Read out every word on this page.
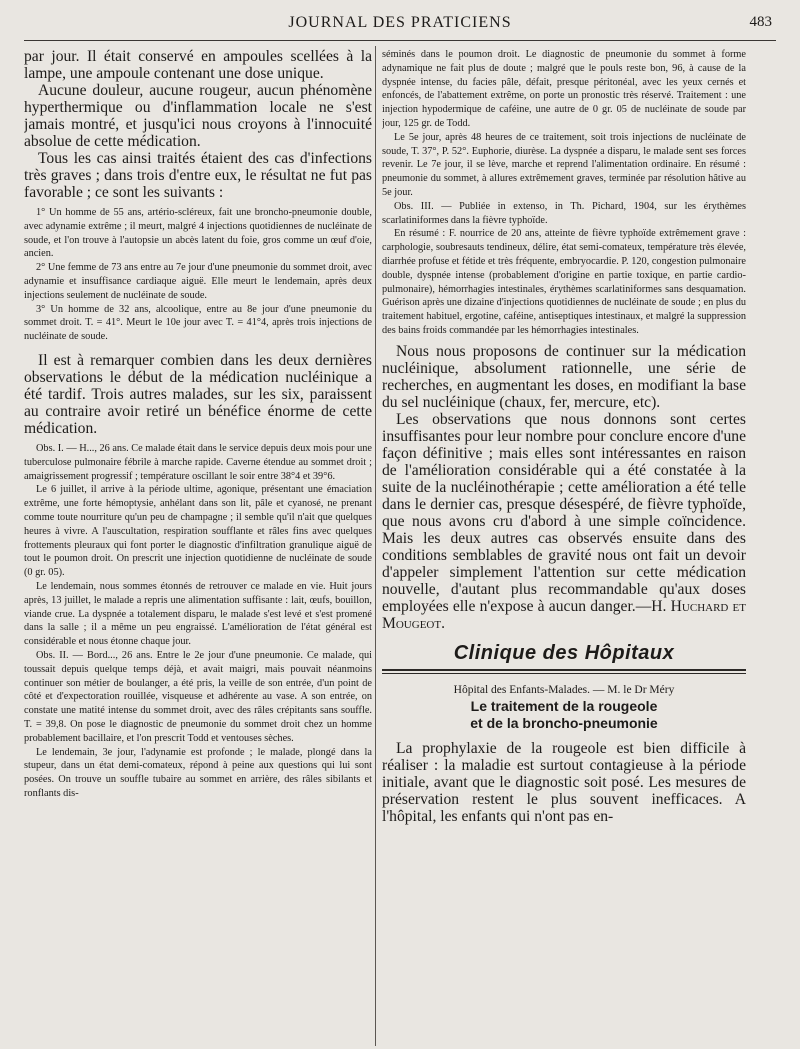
JOURNAL DES PRATICIENS	483

par jour. Il était conservé en ampoules scellées à la lampe, une ampoule contenant une dose unique.

Aucune douleur, aucune rougeur, aucun phénomène hyperthermique ou d'inflammation locale ne s'est jamais montré, et jusqu'ici nous croyons à l'innocuité absolue de cette médication.

Tous les cas ainsi traités étaient des cas d'infections très graves ; dans trois d'entre eux, le résultat ne fut pas favorable ; ce sont les suivants :

1° Un homme de 55 ans, artério-scléreux, fait une broncho-pneumonie double, avec adynamie extrême ; il meurt, malgré 4 injections quotidiennes de nucléinate de soude, et l'on trouve à l'autopsie un abcès latent du foie, gros comme un œuf d'oie, ancien.

2° Une femme de 73 ans entre au 7e jour d'une pneumonie du sommet droit, avec adynamie et insuffisance cardiaque aiguë. Elle meurt le lendemain, après deux injections seulement de nucléinate de soude.

3° Un homme de 32 ans, alcoolique, entre au 8e jour d'une pneumonie du sommet droit. T. = 41°. Meurt le 10e jour avec T. = 41°4, après trois injections de nucléinate de soude.

Il est à remarquer combien dans les deux dernières observations le début de la médication nucléinique a été tardif. Trois autres malades, sur les six, paraissent au contraire avoir retiré un bénéfice énorme de cette médication.

Obs. I. — H..., 26 ans. Ce malade était dans le service depuis deux mois pour une tuberculose pulmonaire fébrile à marche rapide. Caverne étendue au sommet droit ; amaigrissement progressif ; température oscillant le soir entre 38°4 et 39°6.

Le 6 juillet, il arrive à la période ultime, agonique, présentant une émaciation extrême, une forte hémoptysie, anhélant dans son lit, pâle et cyanosé, ne prenant comme toute nourriture qu'un peu de champagne ; il semble qu'il n'ait que quelques heures à vivre. A l'auscultation, respiration soufflante et râles fins avec quelques frottements pleuraux qui font porter le diagnostic d'infiltration granulique aiguë de tout le poumon droit. On prescrit une injection quotidienne de nucléinate de soude (0 gr. 05).

Le lendemain, nous sommes étonnés de retrouver ce malade en vie. Huit jours après, 13 juillet, le malade a repris une alimentation suffisante : lait, œufs, bouillon, viande crue. La dyspnée a totalement disparu, le malade s'est levé et s'est promené dans la salle ; il a même un peu engraissé. L'amélioration de l'état général est considérable et nous étonne chaque jour.

Obs. II. — Bord..., 26 ans. Entre le 2e jour d'une pneumonie. Ce malade, qui toussait depuis quelque temps déjà, et avait maigri, mais pouvait néanmoins continuer son métier de boulanger, a été pris, la veille de son entrée, d'un point de côté et d'expectoration rouillée, visqueuse et adhérente au vase. A son entrée, on constate une matité intense du sommet droit, avec des râles crépitants sans souffle. T. = 39,8. On pose le diagnostic de pneumonie du sommet droit chez un homme probablement bacillaire, et l'on prescrit Todd et ventouses sèches.

Le lendemain, 3e jour, l'adynamie est profonde ; le malade, plongé dans la stupeur, dans un état demi-comateux, répond à peine aux questions qui lui sont posées. On trouve un souffle tubaire au sommet en arrière, des râles sibilants et ronflants dis-

séminés dans le poumon droit. Le diagnostic de pneumonie du sommet à forme adynamique ne fait plus de doute ; malgré que le pouls reste bon, 96, à cause de la dyspnée intense, du facies pâle, défait, presque péritonéal, avec les yeux cernés et enfoncés, de l'abattement extrême, on porte un pronostic très réservé. Traitement : une injection hypodermique de caféine, une autre de 0 gr. 05 de nucléinate de soude par jour, 125 gr. de Todd.

Le 5e jour, après 48 heures de ce traitement, soit trois injections de nucléinate de soude, T. 37°, P. 52°. Euphorie, diurèse. La dyspnée a disparu, le malade sent ses forces revenir. Le 7e jour, il se lève, marche et reprend l'alimentation ordinaire. En résumé : pneumonie du sommet, à allures extrêmement graves, terminée par résolution hâtive au 5e jour.

Obs. III. — Publiée in extenso, in Th. Pichard, 1904, sur les érythèmes scarlatiniformes dans la fièvre typhoïde.

En résumé : F. nourrice de 20 ans, atteinte de fièvre typhoïde extrêmement grave : carphologie, soubresauts tendineux, délire, état semi-comateux, température très élevée, diarrhée profuse et fétide et très fréquente, embryocardie. P. 120, congestion pulmonaire double, dyspnée intense (probablement d'origine en partie toxique, en partie cardio-pulmonaire), hémorrhagies intestinales, érythèmes scarlatiniformes sans desquamation. Guérison après une dizaine d'injections quotidiennes de nucléinate de soude ; en plus du traitement habituel, ergotine, caféine, antiseptiques intestinaux, et malgré la suppression des bains froids commandée par les hémorrhagies intestinales.

Nous nous proposons de continuer sur la médication nucléinique, absolument rationnelle, une série de recherches, en augmentant les doses, en modifiant la base du sel nucléinique (chaux, fer, mercure, etc).

Les observations que nous donnons sont certes insuffisantes pour leur nombre pour conclure encore d'une façon définitive ; mais elles sont intéressantes en raison de l'amélioration considérable qui a été constatée à la suite de la nucléinothérapie ; cette amélioration a été telle dans le dernier cas, presque désespéré, de fièvre typhoïde, que nous avons cru d'abord à une simple coïncidence. Mais les deux autres cas observés ensuite dans des conditions semblables de gravité nous ont fait un devoir d'appeler simplement l'attention sur cette médication nouvelle, d'autant plus recommandable qu'aux doses employées elle n'expose à aucun danger.—H. Huchard et Mougeot.

Clinique des Hôpitaux
Hôpital des Enfants-Malades. — M. le Dr Méry
Le traitement de la rougeole
et de la broncho-pneumonie

La prophylaxie de la rougeole est bien difficile à réaliser : la maladie est surtout contagieuse à la période initiale, avant que le diagnostic soit posé. Les mesures de préservation restent le plus souvent inefficaces. A l'hôpital, les enfants qui n'ont pas en-
